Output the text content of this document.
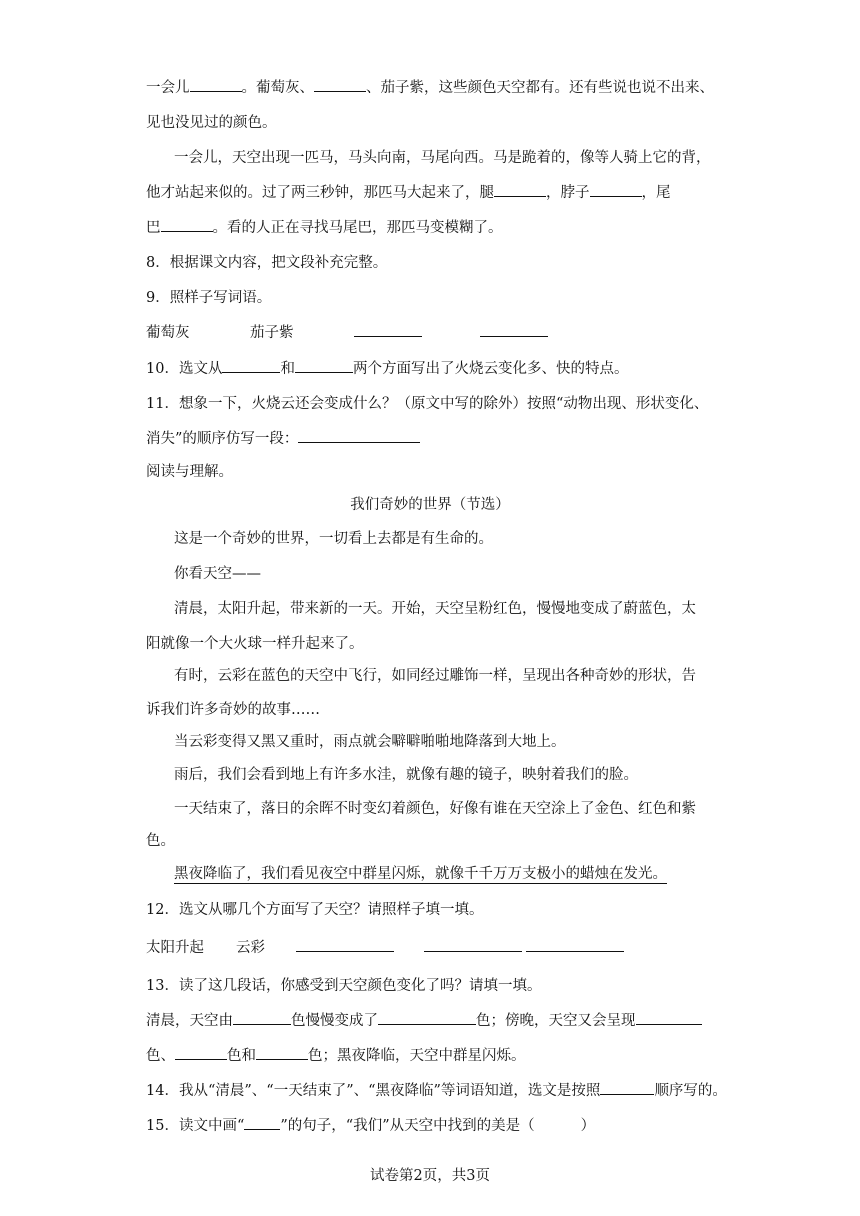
一会儿	。葡萄灰、	、茄子紫，这些颜色天空都有。还有些说也说不出来、
见也没见过的颜色。
一会儿，天空出现一匹马，马头向南，马尾向西。马是跪着的，像等人骑上它的背，
他才站起来似的。过了两三秒钟，那匹马大起来了，腿	，脖子	，尾
巴	。看的人正在寻找马尾巴，那匹马变模糊了。
8．根据课文内容，把文段补充完整。
9．照样子写词语。
葡萄灰	茄子紫
10．选文从	和	两个方面写出了火烧云变化多、快的特点。
11．想象一下，火烧云还会变成什么？（原文中写的除外）按照“动物出现、形状变化、
消失”的顺序仿写一段：
阅读与理解。
我们奇妙的世界（节选）
这是一个奇妙的世界，一切看上去都是有生命的。
你看天空——
清晨，太阳升起，带来新的一天。开始，天空呈粉红色，慢慢地变成了蔚蓝色，太
阳就像一个大火球一样升起来了。
有时，云彩在蓝色的天空中飞行，如同经过雕饰一样，呈现出各种奇妙的形状，告
诉我们许多奇妙的故事……
当云彩变得又黑又重时，雨点就会噼噼啪啪地降落到大地上。
雨后，我们会看到地上有许多水洼，就像有趣的镜子，映射着我们的脸。
一天结束了，落日的余晖不时变幻着颜色，好像有谁在天空涂上了金色、红色和紫
色。
黑夜降临了，我们看见夜空中群星闪烁，就像千千万万支极小的蜡烛在发光。
12．选文从哪几个方面写了天空？请照样子填一填。
太阳升起 云彩
13．读了这几段话，你感受到天空颜色变化了吗？请填一填。
清晨，天空由	色慢慢变成了	色；傍晚，天空又会呈现
色、	色和	色；黑夜降临，天空中群星闪烁。
14．我从“清晨”、“一天结束了”、“黑夜降临”等词语知道，选文是按照	顺序写的。
15．读文中画“ ”的句子，“我们”从天空中找到的美是（	）
试卷第2页，共3页
